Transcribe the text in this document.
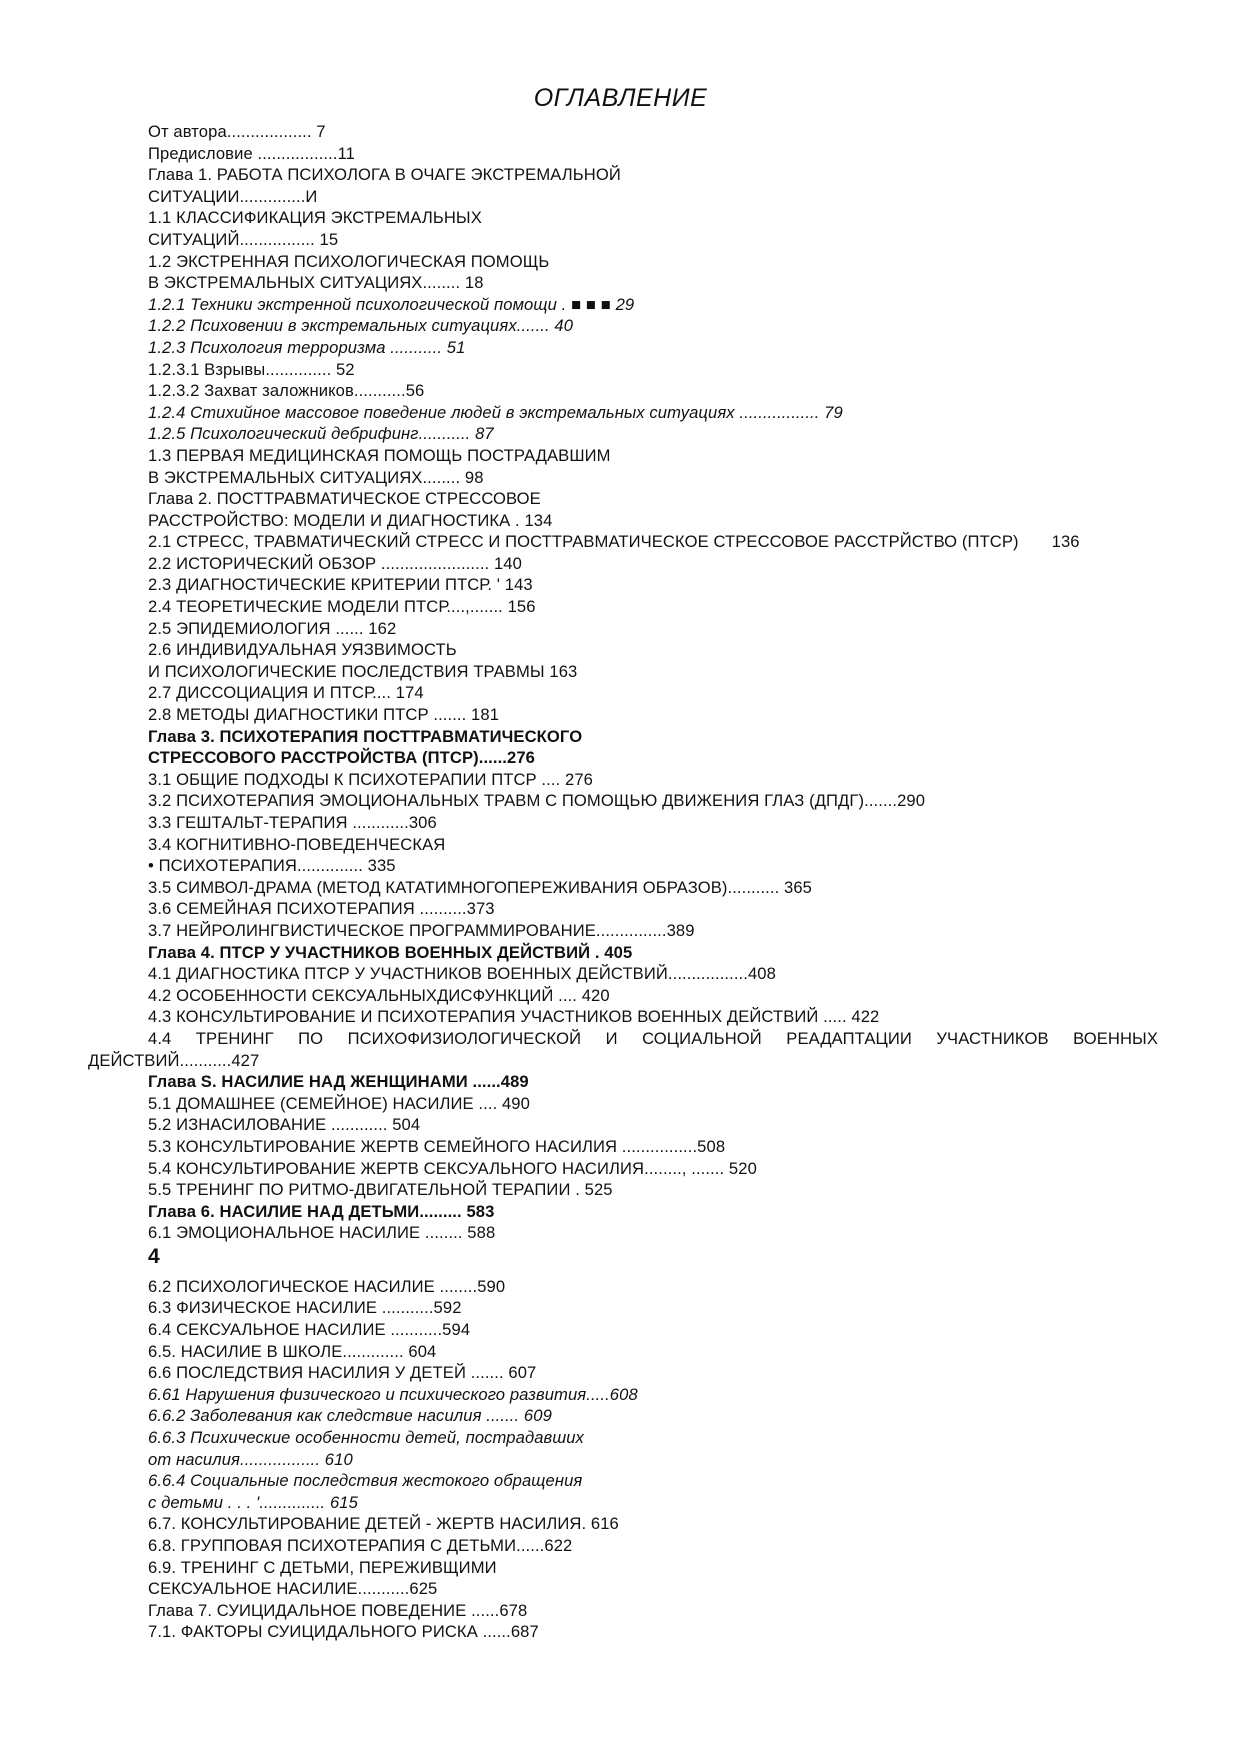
ОГЛАВЛЕНИЕ
От автора.................. 7
Предисловие .................11
Глава 1. РАБОТА ПСИХОЛОГА В ОЧАГЕ ЭКСТРЕМАЛЬНОЙ
СИТУАЦИИ..............И
1.1 КЛАССИФИКАЦИЯ ЭКСТРЕМАЛЬНЫХ
СИТУАЦИЙ................ 15
1.2 ЭКСТРЕННАЯ ПСИХОЛОГИЧЕСКАЯ ПОМОЩЬ
В ЭКСТРЕМАЛЬНЫХ СИТУАЦИЯХ........ 18
1.2.1 Техники экстренной психологической помощи . ■ ■ ■ 29
1.2.2 Психовении в экстремальных ситуациях....... 40
1.2.3 Психология терроризма ........... 51
1.2.3.1 Взрывы.............. 52
1.2.3.2 Захват заложников...........56
1.2.4 Стихийное массовое поведение людей в экстремальных ситуациях ................. 79
1.2.5 Психологический дебрифинг........... 87
1.3 ПЕРВАЯ МЕДИЦИНСКАЯ ПОМОЩЬ ПОСТРАДАВШИМ
В ЭКСТРЕМАЛЬНЫХ СИТУАЦИЯХ........ 98
Глава 2. ПОСТТРАВМАТИЧЕСКОЕ СТРЕССОВОЕ
РАССТРОЙСТВО: МОДЕЛИ И ДИАГНОСТИКА . 134
2.1 СТРЕСС, ТРАВМАТИЧЕСКИЙ СТРЕСС И ПОСТТРАВМАТИЧЕСКОЕ СТРЕССОВОЕ РАССТРЙСТВО (ПТСР)       136
2.2 ИСТОРИЧЕСКИЙ ОБЗОР ....................... 140
2.3 ДИАГНОСТИЧЕСКИЕ КРИТЕРИИ ПТСР. ' 143
2.4 ТЕОРЕТИЧЕСКИЕ МОДЕЛИ ПТСР....,....... 156
2.5 ЭПИДЕМИОЛОГИЯ ...... 162
2.6 ИНДИВИДУАЛЬНАЯ УЯЗВИМОСТЬ
И ПСИХОЛОГИЧЕСКИЕ ПОСЛЕДСТВИЯ ТРАВМЫ 163
2.7 ДИССОЦИАЦИЯ И ПТСР.... 174
2.8 МЕТОДЫ ДИАГНОСТИКИ ПТСР ....... 181
Глава 3. ПСИХОТЕРАПИЯ ПОСТТРАВМАТИЧЕСКОГО
СТРЕССОВОГО РАССТРОЙСТВА (ПТСР)......276
3.1 ОБЩИЕ ПОДХОДЫ К ПСИХОТЕРАПИИ ПТСР .... 276
3.2 ПСИХОТЕРАПИЯ ЭМОЦИОНАЛЬНЫХ ТРАВМ С ПОМОЩЬЮ ДВИЖЕНИЯ ГЛАЗ (ДПДГ).......290
3.3 ГЕШТАЛЬТ-ТЕРАПИЯ ............306
3.4 КОГНИТИВНО-ПОВЕДЕНЧЕСКАЯ
• ПСИХОТЕРАПИЯ.............. 335
3.5 СИМВОЛ-ДРАМА (МЕТОД КАТАТИМНОГОПЕРЕЖИВАНИЯ ОБРАЗОВ)........... 365
3.6 СЕМЕЙНАЯ ПСИХОТЕРАПИЯ ..........373
3.7 НЕЙРОЛИНГВИСТИЧЕСКОЕ ПРОГРАММИРОВАНИЕ...............389
Глава 4. ПТСР У УЧАСТНИКОВ ВОЕННЫХ ДЕЙСТВИЙ . 405
4.1 ДИАГНОСТИКА ПТСР У УЧАСТНИКОВ ВОЕННЫХ ДЕЙСТВИЙ.................408
4.2 ОСОБЕННОСТИ СЕКСУАЛЬНЫХДИСФУНКЦИЙ .... 420
4.3 КОНСУЛЬТИРОВАНИЕ И ПСИХОТЕРАПИЯ УЧАСТНИКОВ ВОЕННЫХ ДЕЙСТВИЙ ..... 422
4.4 ТРЕНИНГ ПО ПСИХОФИЗИОЛОГИЧЕСКОЙ И СОЦИАЛЬНОЙ РЕАДАПТАЦИИ УЧАСТНИКОВ ВОЕННЫХ ДЕЙСТВИЙ...........427
Глава S. НАСИЛИЕ НАД ЖЕНЩИНАМИ ......489
5.1 ДОМАШНЕЕ (СЕМЕЙНОЕ) НАСИЛИЕ .... 490
5.2 ИЗНАСИЛОВАНИЕ ............ 504
5.3 КОНСУЛЬТИРОВАНИЕ ЖЕРТВ СЕМЕЙНОГО НАСИЛИЯ ................508
5.4 КОНСУЛЬТИРОВАНИЕ ЖЕРТВ СЕКСУАЛЬНОГО НАСИЛИЯ........, ....... 520
5.5 ТРЕНИНГ ПО РИТМО-ДВИГАТЕЛЬНОЙ ТЕРАПИИ . 525
Глава 6. НАСИЛИЕ НАД ДЕТЬМИ......... 583
6.1 ЭМОЦИОНАЛЬНОЕ НАСИЛИЕ ........ 588
4
6.2 ПСИХОЛОГИЧЕСКОЕ НАСИЛИЕ ........590
6.3 ФИЗИЧЕСКОЕ НАСИЛИЕ ...........592
6.4 СЕКСУАЛЬНОЕ НАСИЛИЕ ...........594
6.5. НАСИЛИЕ В ШКОЛЕ............. 604
6.6 ПОСЛЕДСТВИЯ НАСИЛИЯ У ДЕТЕЙ ....... 607
6.61 Нарушения физического и психического развития.....608
6.6.2 Заболевания как следствие насилия ....... 609
6.6.3 Психические особенности детей, пострадавших
от насилия................. 610
6.6.4 Социальные последствия жестокого обращения
с детьми . . . '.............. 615
6.7. КОНСУЛЬТИРОВАНИЕ ДЕТЕЙ - ЖЕРТВ НАСИЛИЯ. 616
6.8. ГРУППОВАЯ ПСИХОТЕРАПИЯ С ДЕТЬМИ......622
6.9. ТРЕНИНГ С ДЕТЬМИ, ПЕРЕЖИВЩИМИ
СЕКСУАЛЬНОЕ НАСИЛИЕ...........625
Глава 7. СУИЦИДАЛЬНОЕ ПОВЕДЕНИЕ ......678
7.1. ФАКТОРЫ СУИЦИДАЛЬНОГО РИСКА ......687
